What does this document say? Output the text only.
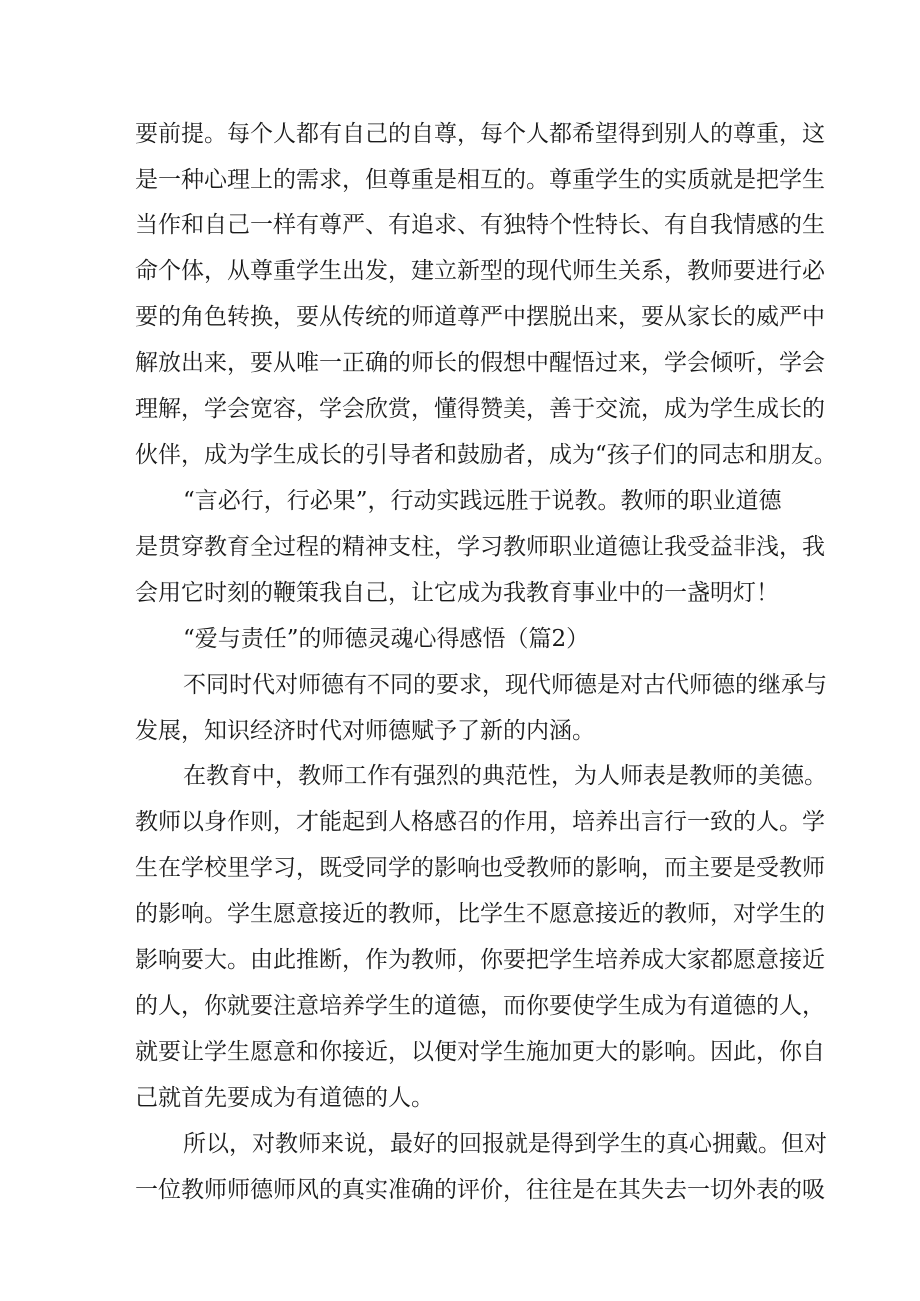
要前提。每个人都有自己的自尊，每个人都希望得到别人的尊重，这
是一种心理上的需求，但尊重是相互的。尊重学生的实质就是把学生
当作和自己一样有尊严、有追求、有独特个性特长、有自我情感的生
命个体，从尊重学生出发，建立新型的现代师生关系，教师要进行必
要的角色转换，要从传统的师道尊严中摆脱出来，要从家长的威严中
解放出来，要从唯一正确的师长的假想中醒悟过来，学会倾听，学会
理解，学会宽容，学会欣赏，懂得赞美，善于交流，成为学生成长的
伙伴，成为学生成长的引导者和鼓励者，成为“孩子们的同志和朋友。
“言必行，行必果”，行动实践远胜于说教。教师的职业道德
是贯穿教育全过程的精神支柱，学习教师职业道德让我受益非浅，我
会用它时刻的鞭策我自己，让它成为我教育事业中的一盏明灯！
“爱与责任”的师德灵魂心得感悟（篇2）
不同时代对师德有不同的要求，现代师德是对古代师德的继承与
发展，知识经济时代对师德赋予了新的内涵。
在教育中，教师工作有强烈的典范性，为人师表是教师的美德。
教师以身作则，才能起到人格感召的作用，培养出言行一致的人。学
生在学校里学习，既受同学的影响也受教师的影响，而主要是受教师
的影响。学生愿意接近的教师，比学生不愿意接近的教师，对学生的
影响要大。由此推断，作为教师，你要把学生培养成大家都愿意接近
的人，你就要注意培养学生的道德，而你要使学生成为有道德的人，
就要让学生愿意和你接近，以便对学生施加更大的影响。因此，你自
己就首先要成为有道德的人。
所以，对教师来说，最好的回报就是得到学生的真心拥戴。但对
一位教师师德师风的真实准确的评价，往往是在其失去一切外表的吸
